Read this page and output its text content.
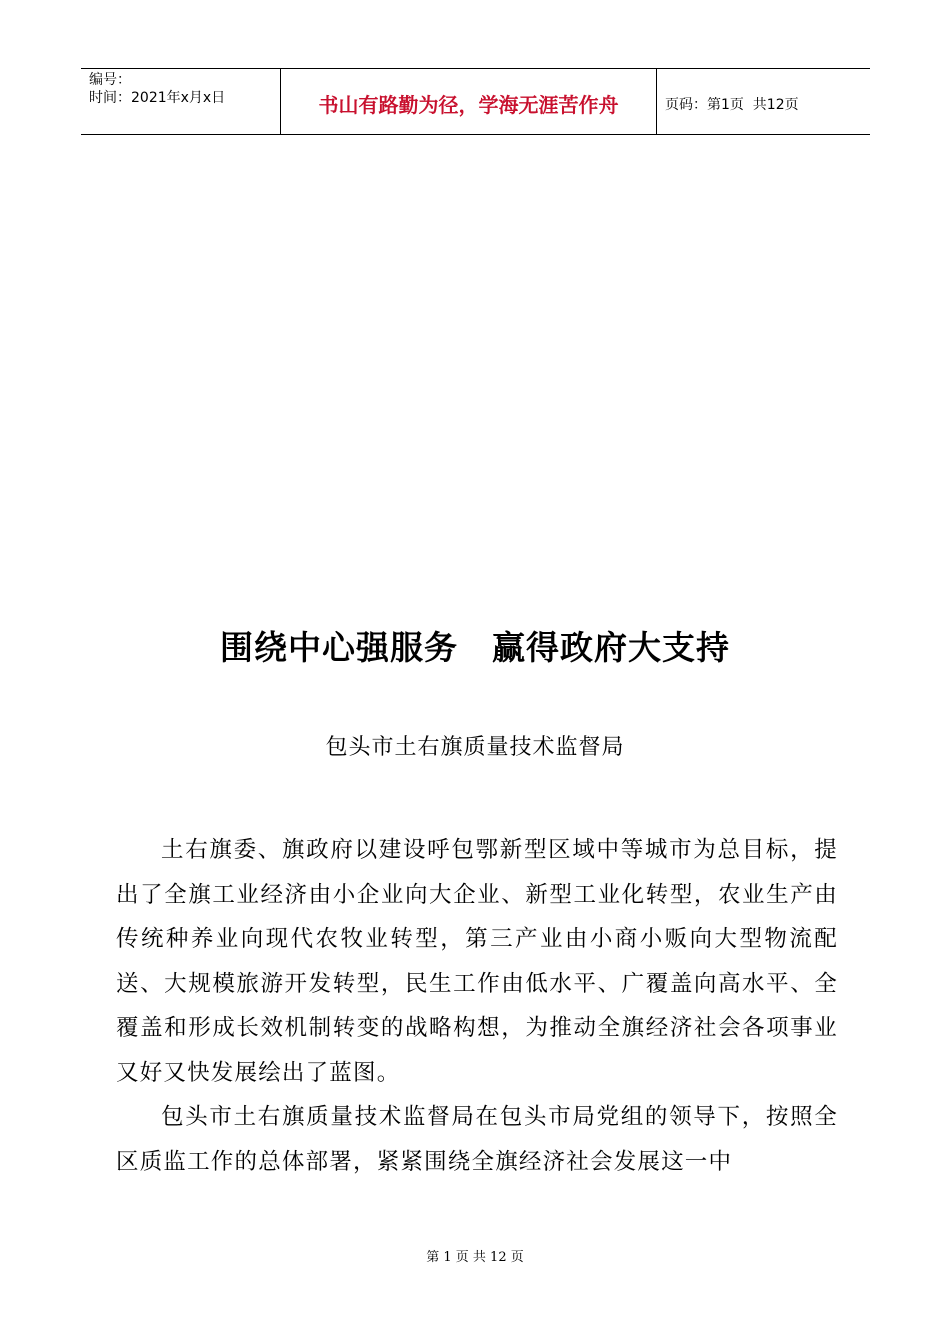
编号：
时间：2021年x月x日	书山有路勤为径，学海无涯苦作舟	页码：第1页  共12页
围绕中心强服务　赢得政府大支持
包头市土右旗质量技术监督局

土右旗委、旗政府以建设呼包鄂新型区域中等城市为总目标，提出了全旗工业经济由小企业向大企业、新型工业化转型，农业生产由传统种养业向现代农牧业转型，第三产业由小商小贩向大型物流配送、大规模旅游开发转型，民生工作由低水平、广覆盖向高水平、全覆盖和形成长效机制转变的战略构想，为推动全旗经济社会各项事业又好又快发展绘出了蓝图。

包头市土右旗质量技术监督局在包头市局党组的领导下，按照全区质监工作的总体部署，紧紧围绕全旗经济社会发展这一中

第 1 页 共 12 页
